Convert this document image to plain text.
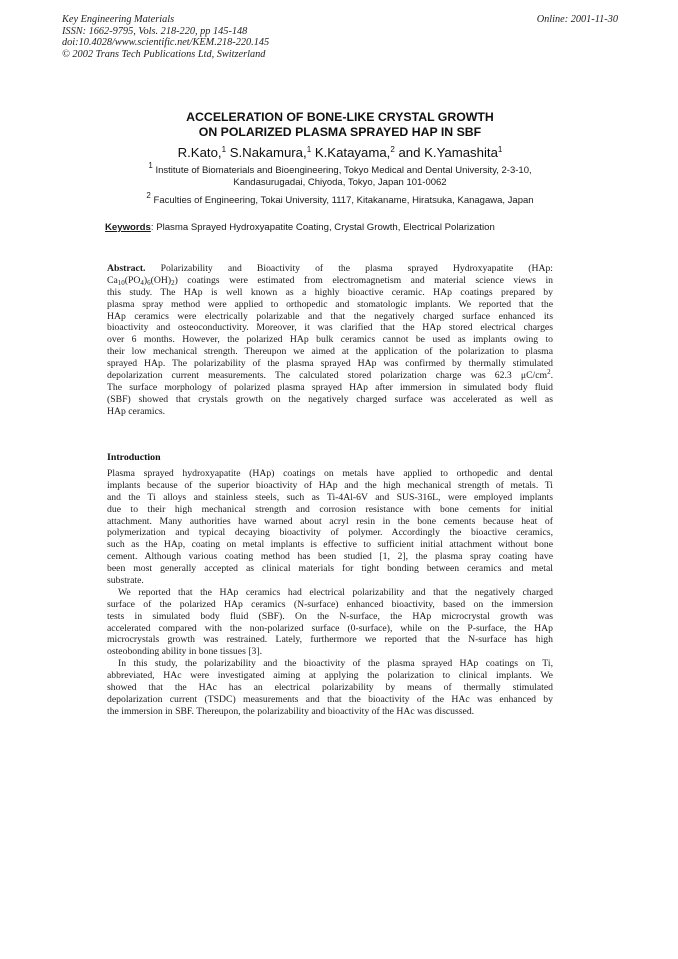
Key Engineering Materials
ISSN: 1662-9795, Vols. 218-220, pp 145-148
doi:10.4028/www.scientific.net/KEM.218-220.145
© 2002 Trans Tech Publications Ltd, Switzerland
Online: 2001-11-30
ACCELERATION OF BONE-LIKE CRYSTAL GROWTH
ON POLARIZED PLASMA SPRAYED HAP IN SBF
R.Kato,$^1$ S.Nakamura,$^1$ K.Katayama,$^2$ and K.Yamashita$^1$
$^1$ Institute of Biomaterials and Bioengineering, Tokyo Medical and Dental University, 2-3-10,
Kandasurugadai, Chiyoda, Tokyo, Japan 101-0062
$^2$ Faculties of Engineering, Tokai University, 1117, Kitakaname, Hiratsuka, Kanagawa, Japan
Keywords: Plasma Sprayed Hydroxyapatite Coating, Crystal Growth, Electrical Polarization
Abstract. Polarizability and Bioactivity of the plasma sprayed Hydroxyapatite (HAp:
$Ca_{10}(PO_4)_6(OH)_2$) coatings were estimated from electromagnetism and material science views in
this study. The HAp is well known as a highly bioactive ceramic. HAp coatings prepared by
plasma spray method were applied to orthopedic and stomatologic implants. We reported that the
HAp ceramics were electrically polarizable and that the negatively charged surface enhanced its
bioactivity and osteoconductivity. Moreover, it was clarified that the HAp stored electrical charges
over 6 months. However, the polarized HAp bulk ceramics cannot be used as implants owing to
their low mechanical strength. Thereupon we aimed at the application of the polarization to plasma
sprayed HAp. The polarizability of the plasma sprayed HAp was confirmed by thermally stimulated
depolarization current measurements. The calculated stored polarization charge was 62.3 $\mu C/cm^2$.
The surface morphology of polarized plasma sprayed HAp after immersion in simulated body fluid
(SBF) showed that crystals growth on the negatively charged surface was accelerated as well as
HAp ceramics.
Introduction
Plasma sprayed hydroxyapatite (HAp) coatings on metals have applied to orthopedic and dental
implants because of the superior bioactivity of HAp and the high mechanical strength of metals. Ti
and the Ti alloys and stainless steels, such as Ti-4Al-6V and SUS-316L, were employed implants
due to their high mechanical strength and corrosion resistance with bone cements for initial
attachment. Many authorities have warned about acryl resin in the bone cements because heat of
polymerization and typical decaying bioactivity of polymer. Accordingly the bioactive ceramics,
such as the HAp, coating on metal implants is effective to sufficient initial attachment without bone
cement. Although various coating method has been studied [1, 2], the plasma spray coating have
been most generally accepted as clinical materials for tight bonding between ceramics and metal
substrate.
We reported that the HAp ceramics had electrical polarizability and that the negatively charged
surface of the polarized HAp ceramics (N-surface) enhanced bioactivity, based on the immersion
tests in simulated body fluid (SBF). On the N-surface, the HAp microcrystal growth was
accelerated compared with the non-polarized surface (0-surface), while on the P-surface, the HAp
microcrystals growth was restrained. Lately, furthermore we reported that the N-surface has high
osteobonding ability in bone tissues [3].
In this study, the polarizability and the bioactivity of the plasma sprayed HAp coatings on Ti,
abbreviated, HAc were investigated aiming at applying the polarization to clinical implants. We
showed that the HAc has an electrical polarizability by means of thermally stimulated
depolarization current (TSDC) measurements and that the bioactivity of the HAc was enhanced by
the immersion in SBF. Thereupon, the polarizability and bioactivity of the HAc was discussed.
